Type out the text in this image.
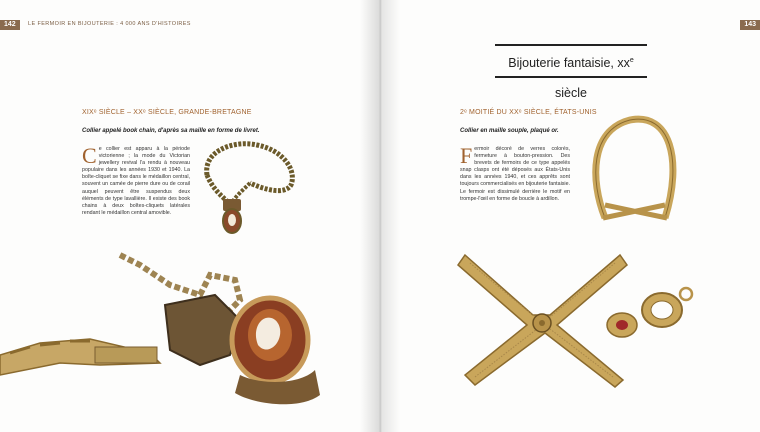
142	LE FERMOIR EN BIJOUTERIE : 4 000 ANS D'HISTOIRES
XIXᵉ SIÈCLE – XXᵉ SIÈCLE, GRANDE-BRETAGNE
Collier appelé book chain, d'après sa maille en forme de livret.
Ce collier est apparu à la période victorienne ; la mode du Victorian jewellery revival l'a rendu à nouveau populaire dans les années 1930 et 1940. La boîte-cliquet se fixe dans le médaillon central, souvent un camée de pierre dure ou de corail auquel peuvent être suspendus deux éléments de type lavallière. Il existe des book chains à deux boîtes-cliquets latérales rendant le médaillon central amovible.
143
Bijouterie fantaisie, $xx^e$ siècle
2ᵉ MOITIÉ DU XXᵉ SIÈCLE, ÉTATS-UNIS
Collier en maille souple, plaqué or.
Fermoir décoré de verres colorés, fermeture à bouton-pression. Des brevets de fermoirs de ce type appelés snap clasps ont été déposés aux États-Unis dans les années 1940, et ces apprêts sont toujours commercialisés en bijouterie fantaisie. Le fermoir est dissimulé derrière le motif en trompe-l'œil en forme de boucle à ardillon.
